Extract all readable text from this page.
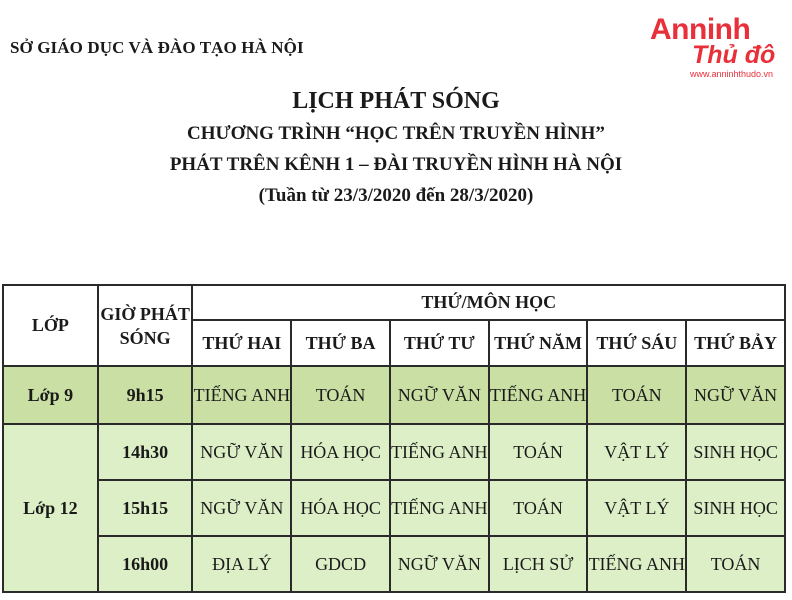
SỞ GIÁO DỤC VÀ ĐÀO TẠO HÀ NỘI
Anninh
Thủ đô
www.anninhthudo.vn
LỊCH PHÁT SÓNG
CHƯƠNG TRÌNH “HỌC TRÊN TRUYỀN HÌNH”
PHÁT TRÊN KÊNH 1 – ĐÀI TRUYỀN HÌNH HÀ NỘI
(Tuần từ 23/3/2020 đến 28/3/2020)
LỚP	GIỜ PHÁT SÓNG	THỨ/MÔN HỌC					
		THỨ HAI	THỨ BA	THỨ TƯ	THỨ NĂM	THỨ SÁU	THỨ BẢY
Lớp 9	9h15	TIẾNG ANH	TOÁN	NGỮ VĂN	TIẾNG ANH	TOÁN	NGỮ VĂN
Lớp 12	14h30	NGỮ VĂN	HÓA HỌC	TIẾNG ANH	TOÁN	VẬT LÝ	SINH HỌC
	15h15	NGỮ VĂN	HÓA HỌC	TIẾNG ANH	TOÁN	VẬT LÝ	SINH HỌC
	16h00	ĐỊA LÝ	GDCD	NGỮ VĂN	LỊCH SỬ	TIẾNG ANH	TOÁN
